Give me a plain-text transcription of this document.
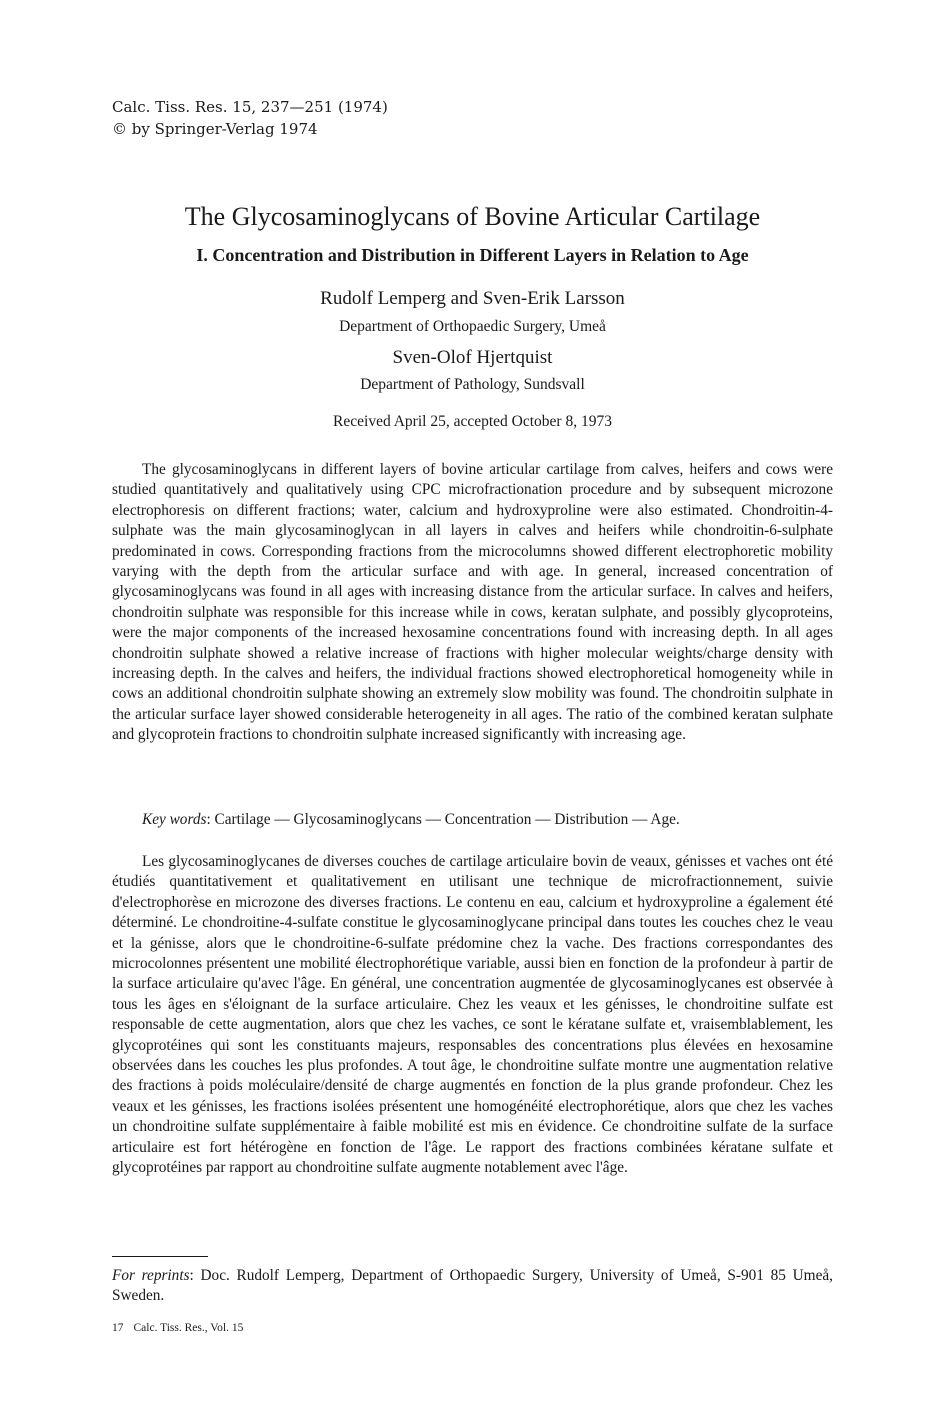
Calc. Tiss. Res. 15, 237—251 (1974)
© by Springer-Verlag 1974
The Glycosaminoglycans of Bovine Articular Cartilage
I. Concentration and Distribution in Different Layers in Relation to Age
Rudolf Lemperg and Sven-Erik Larsson
Department of Orthopaedic Surgery, Umeå
Sven-Olof Hjertquist
Department of Pathology, Sundsvall
Received April 25, accepted October 8, 1973

The glycosaminoglycans in different layers of bovine articular cartilage from calves, heifers and cows were studied quantitatively and qualitatively using CPC microfractionation procedure and by subsequent microzone electrophoresis on different fractions; water, calcium and hydroxyproline were also estimated. Chondroitin-4-sulphate was the main glycosaminoglycan in all layers in calves and heifers while chondroitin-6-sulphate predominated in cows. Corresponding fractions from the microcolumns showed different electrophoretic mobility varying with the depth from the articular surface and with age. In general, increased concentration of glycosaminoglycans was found in all ages with increasing distance from the articular surface. In calves and heifers, chondroitin sulphate was responsible for this increase while in cows, keratan sulphate, and possibly glycoproteins, were the major components of the increased hexosamine concentrations found with increasing depth. In all ages chondroitin sulphate showed a relative increase of fractions with higher molecular weights/charge density with increasing depth. In the calves and heifers, the individual fractions showed electrophoretical homogeneity while in cows an additional chondroitin sulphate showing an extremely slow mobility was found. The chondroitin sulphate in the articular surface layer showed considerable heterogeneity in all ages. The ratio of the combined keratan sulphate and glycoprotein fractions to chondroitin sulphate increased significantly with increasing age.

Key words: Cartilage — Glycosaminoglycans — Concentration — Distribution — Age.

Les glycosaminoglycanes de diverses couches de cartilage articulaire bovin de veaux, génisses et vaches ont été étudiés quantitativement et qualitativement en utilisant une technique de microfractionnement, suivie d'electrophorèse en microzone des diverses fractions. Le contenu en eau, calcium et hydroxyproline a également été déterminé. Le chondroitine-4-sulfate constitue le glycosaminoglycane principal dans toutes les couches chez le veau et la génisse, alors que le chondroitine-6-sulfate prédomine chez la vache. Des fractions correspondantes des microcolonnes présentent une mobilité électrophorétique variable, aussi bien en fonction de la profondeur à partir de la surface articulaire qu'avec l'âge. En général, une concentration augmentée de glycosaminoglycanes est observée à tous les âges en s'éloignant de la surface articulaire. Chez les veaux et les génisses, le chondroitine sulfate est responsable de cette augmentation, alors que chez les vaches, ce sont le kératane sulfate et, vraisemblablement, les glycoprotéines qui sont les constituants majeurs, responsables des concentrations plus élevées en hexosamine observées dans les couches les plus profondes. A tout âge, le chondroitine sulfate montre une augmentation relative des fractions à poids moléculaire/densité de charge augmentés en fonction de la plus grande profondeur. Chez les veaux et les génisses, les fractions isolées présentent une homogénéité electrophorétique, alors que chez les vaches un chondroitine sulfate supplémentaire à faible mobilité est mis en évidence. Ce chondroitine sulfate de la surface articulaire est fort hétérogène en fonction de l'âge. Le rapport des fractions combinées kératane sulfate et glycoprotéines par rapport au chondroitine sulfate augmente notablement avec l'âge.

For reprints: Doc. Rudolf Lemperg, Department of Orthopaedic Surgery, University of Umeå, S-901 85 Umeå, Sweden.
17 Calc. Tiss. Res., Vol. 15
